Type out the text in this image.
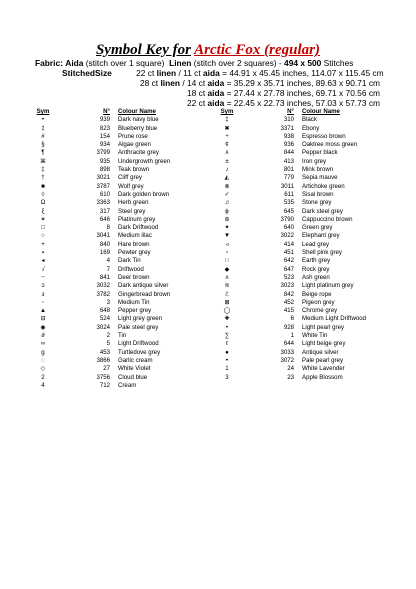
Symbol Key for Arctic Fox (regular)
Fabric: Aida (stitch over 1 square) Linen (stitch over 2 squares) - 494 x 500 Stitches
StitchedSize	22 ct linen / 11 ct aida = 44.91 x 45.45 inches, 114.07 x 115.45 cm
28 ct linen / 14 ct aida = 35.29 x 35.71 inches, 89.63 x 90.71 cm
18 ct aida = 27.44 x 27.78 inches, 69.71 x 70.56 cm
22 ct aida = 22.45 x 22.73 inches, 57.03 x 57.73 cm
Sym	N°	Colour Name
•	939	Dark navy blue
⁒	823	Blueberry blue
#	154	Prune rose
§	934	Algae green
¶	3799	Anthracite grey
⌘	935	Undergrowth green
‡	898	Teak brown
†	3021	Cliff grey
■	3787	Wolf grey
◊	610	Dark golden brown
Ω	3363	Herb green
ξ	317	Steel grey
✶	646	Platinum grey
□	8	Dark Driftwood
○	3041	Medium lilac
+	840	Hare brown
▪	169	Pewter grey
◂	4	Dark Tin
√	7	Driftwood
−	841	Deer brown
ɔ	3032	Dark antique silver
з	3782	Gingerbread brown
◦	3	Medium Tin
▲	648	Pepper grey
⊟	524	Light grey green
◉	3024	Pale steel grey
∂	2	Tin
∞	5	Light Driftwood
g	453	Turtledove grey
◌	3866	Garlic cream
◇	27	White Violet
2	3756	Cloud blue
4	712	Cream
Sym	N°	Colour Name
‡	310	Black
✖	3371	Ebony
÷	938	Espresso brown
¢	936	Oaktree moss green
٨	844	Pepper black
±	413	Iron grey
♪	801	Mink brown
◭	779	Sepia mauve
⊗	3011	Artichoke green
✓	611	Sisal brown
♫	535	Stone grey
ϕ	645	Dark steel grey
⊛	3790	Cappuccino brown
✦	640	Green grey
▼	3022	Elephant grey
◃	414	Lead grey
▫	451	Shell pink grey
∷	642	Earth grey
◆	647	Rock grey
ʌ	523	Ash green
≋	3023	Light platinum grey
ℰ	842	Beige rope
⊠	452	Pigeon grey
◯	415	Chrome grey
✚	6	Medium Light Driftwood
•	928	Light pearl grey
∑	1	White Tin
ℓ	644	Light beige grey
●	3033	Antique silver
◓	3072	Pale pearl grey
1	24	White Lavender
3	23	Apple Blossom
